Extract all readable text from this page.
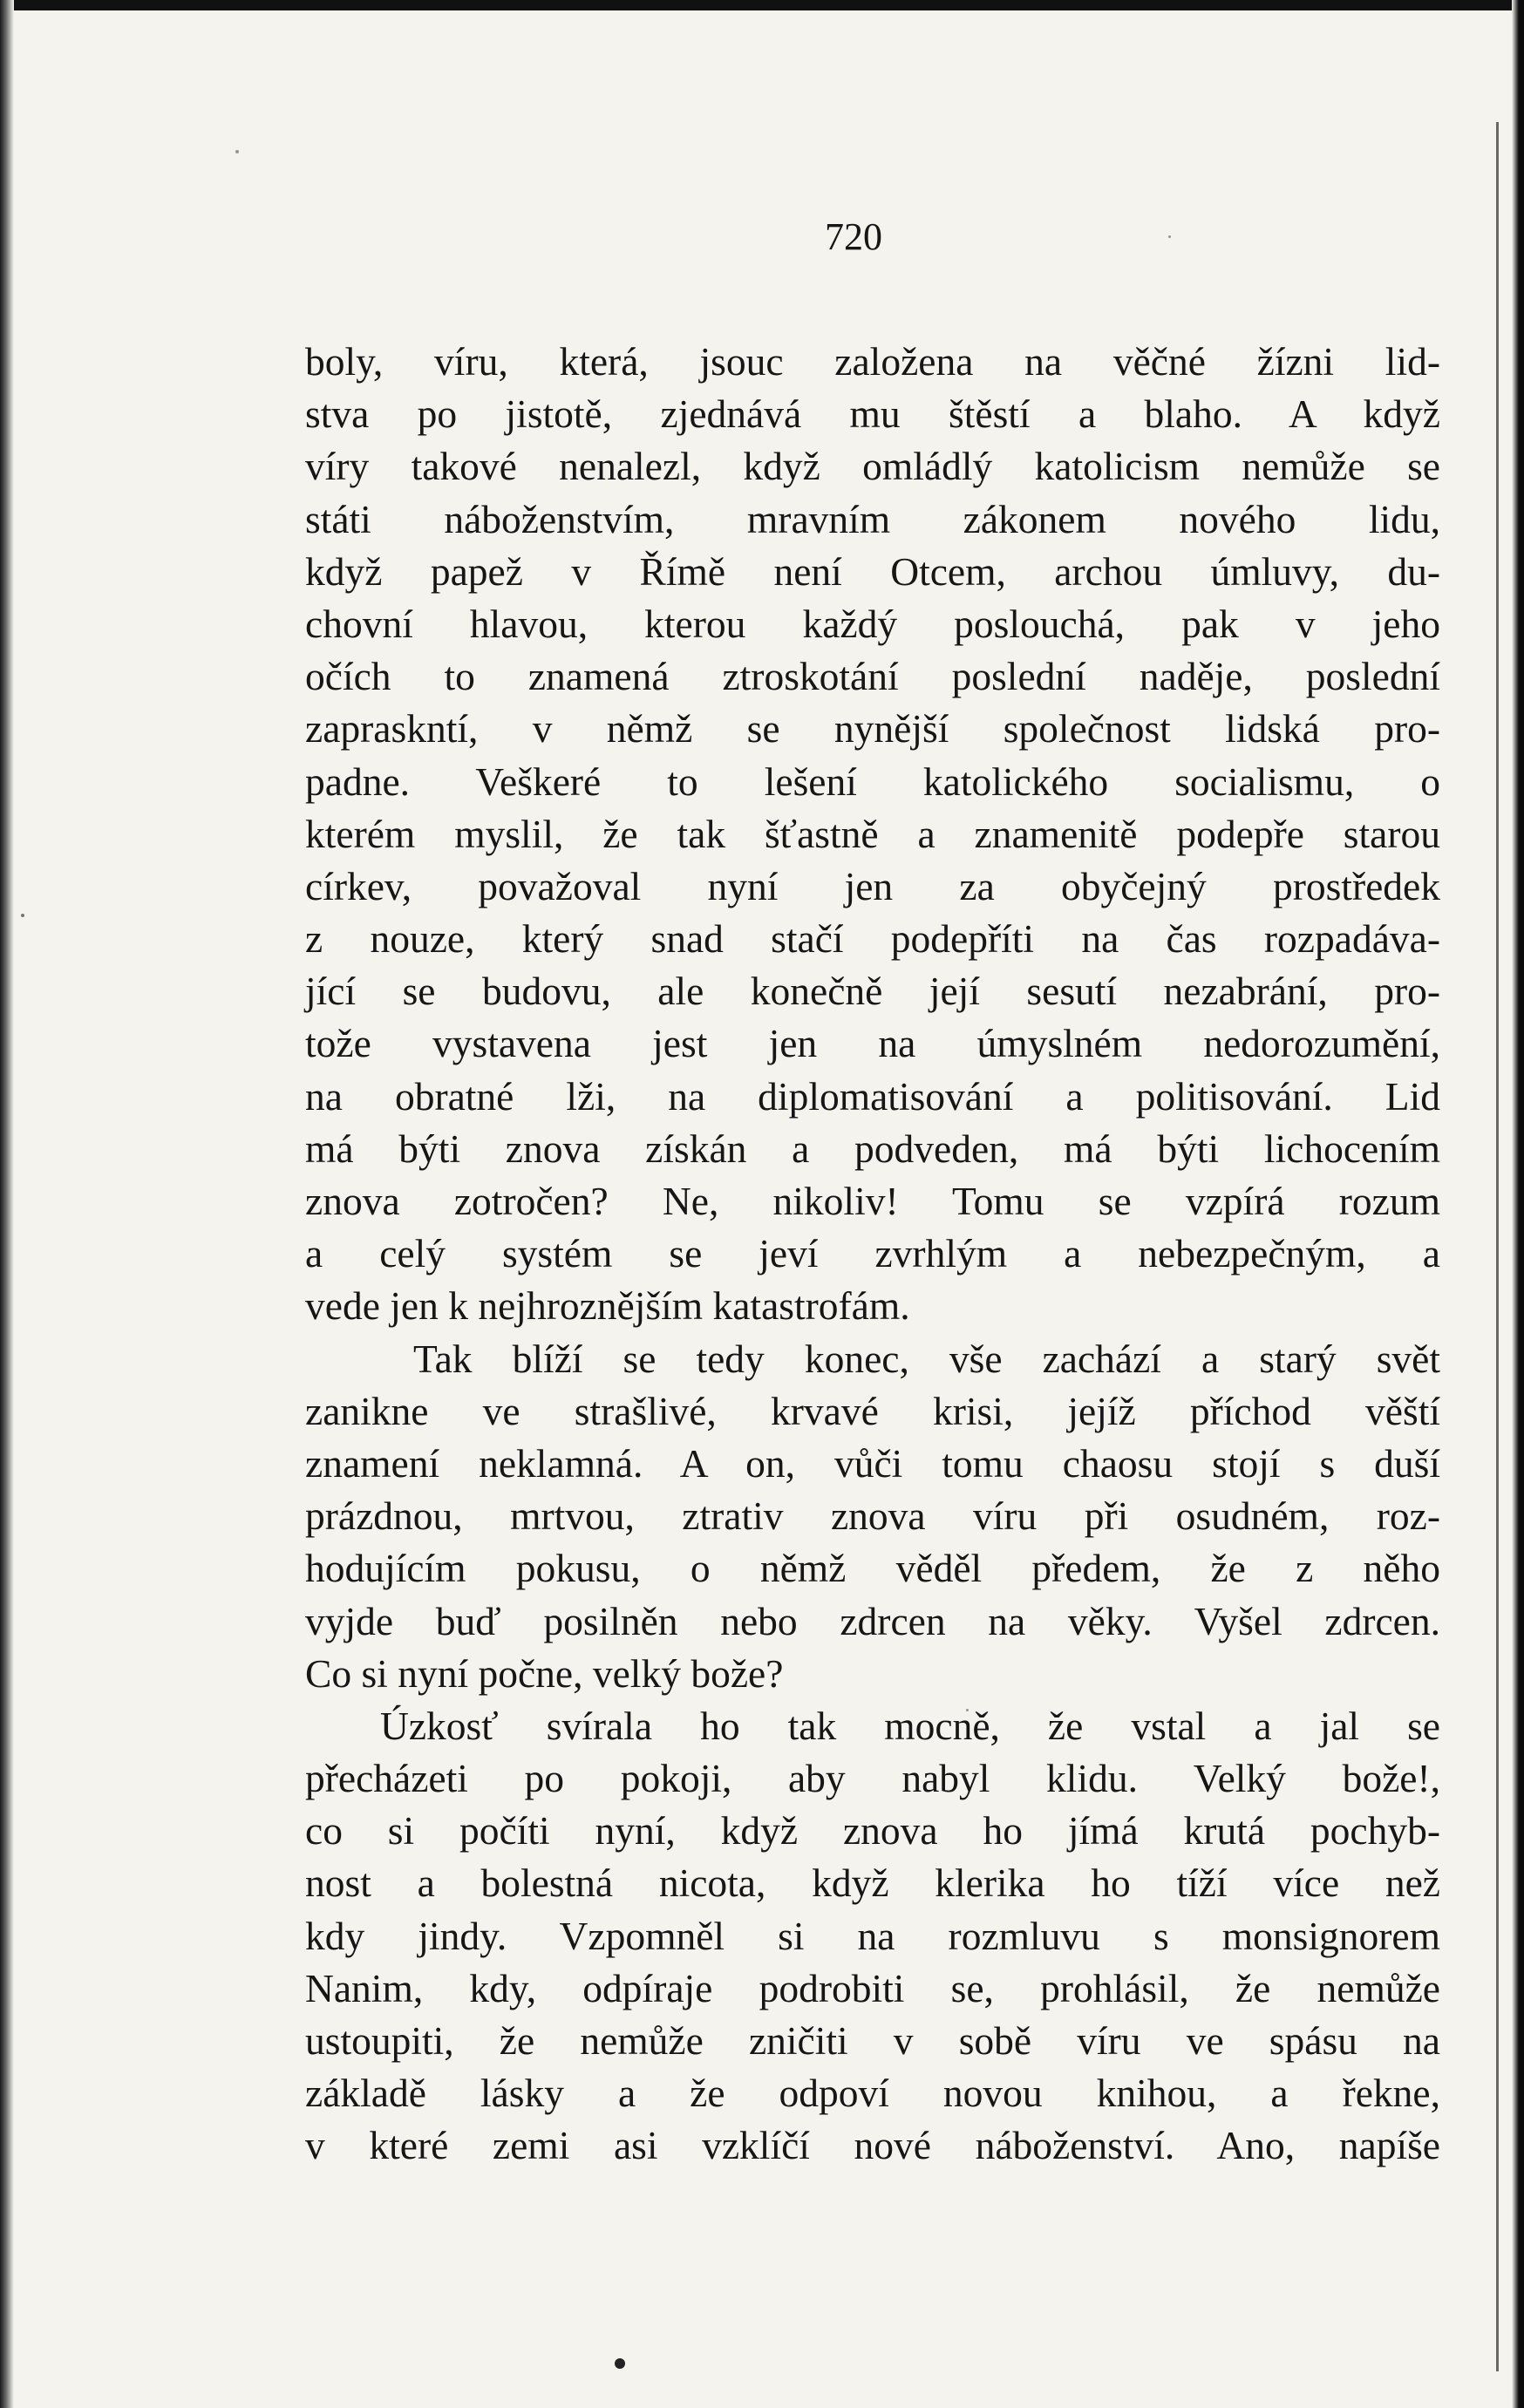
720
boly, víru, která, jsouc založena na věčné žízni lid-
stva po jistotě, zjednává mu štěstí a blaho. A když
víry takové nenalezl, když omládlý katolicism nemůže se
státi náboženstvím, mravním zákonem nového lidu,
když papež v Římě není Otcem, archou úmluvy, du-
chovní hlavou, kterou každý poslouchá, pak v jeho
očích to znamená ztroskotání poslední naděje, poslední
zapraskntí, v němž se nynější společnost lidská pro-
padne. Veškeré to lešení katolického socialismu, o
kterém myslil, že tak šťastně a znamenitě podepře starou
církev, považoval nyní jen za obyčejný prostředek
z nouze, který snad stačí podepříti na čas rozpadáva-
jící se budovu, ale konečně její sesutí nezabrání, pro-
tože vystavena jest jen na úmyslném nedorozumění,
na obratné lži, na diplomatisování a politisování. Lid
má býti znova získán a podveden, má býti lichocením
znova zotročen? Ne, nikoliv! Tomu se vzpírá rozum
a celý systém se jeví zvrhlým a nebezpečným, a
vede jen k nejhroznějším katastrofám.
Tak blíží se tedy konec, vše zachází a starý svět
zanikne ve strašlivé, krvavé krisi, jejíž příchod věští
znamení neklamná. A on, vůči tomu chaosu stojí s duší
prázdnou, mrtvou, ztrativ znova víru při osudném, roz-
hodujícím pokusu, o němž věděl předem, že z něho
vyjde buď posilněn nebo zdrcen na věky. Vyšel zdrcen.
Co si nyní počne, velký bože?
Úzkosť svírala ho tak mocně, že vstal a jal se
přecházeti po pokoji, aby nabyl klidu. Velký bože!,
co si počíti nyní, když znova ho jímá krutá pochyb-
nost a bolestná nicota, když klerika ho tíží více než
kdy jindy. Vzpomněl si na rozmluvu s monsignorem
Nanim, kdy, odpíraje podrobiti se, prohlásil, že nemůže
ustoupiti, že nemůže zničiti v sobě víru ve spásu na
základě lásky a že odpoví novou knihou, a řekne,
v které zemi asi vzklíčí nové náboženství. Ano, napíše
